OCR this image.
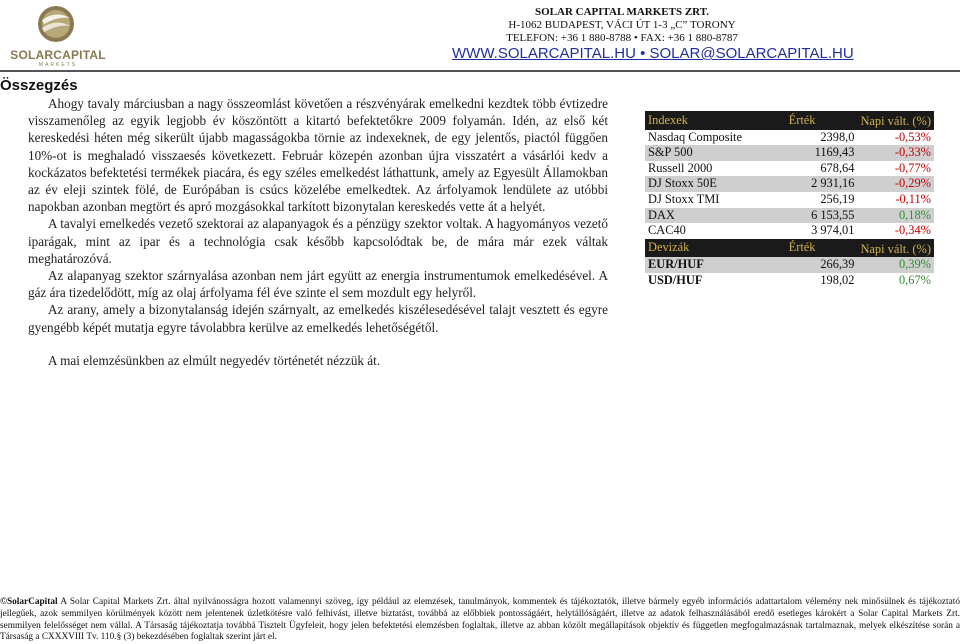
SOLARCAPITAL
MARKETS
SOLAR CAPITAL MARKETS ZRT.
H-1062 BUDAPEST, VÁCI ÚT 1-3 „C” TORONY
TELEFON: +36 1 880-8788 • FAX: +36 1 880-8787
WWW.SOLARCAPITAL.HU • SOLAR@SOLARCAPITAL.HU
Összegzés

Ahogy tavaly márciusban a nagy összeomlást követően a részvényárak emelkedni kezdtek több évtizedre visszamenőleg az egyik legjobb év köszöntött a kitartó befektetőkre 2009 folyamán. Idén, az első két kereskedési héten még sikerült újabb magasságokba törnie az indexeknek, de egy jelentős, piactól függően 10%-ot is meghaladó visszaesés következett. Február közepén azonban újra visszatért a vásárlói kedv a kockázatos befektetési termékek piacára, és egy széles emelkedést láthattunk, amely az Egyesült Államokban az év eleji szintek fölé, de Európában is csúcs közelébe emelkedtek. Az árfolyamok lendülete az utóbbi napokban azonban megtört és apró mozgásokkal tarkított bizonytalan kereskedés vette át a helyét.

A tavalyi emelkedés vezető szektorai az alapanyagok és a pénzügy szektor voltak. A hagyományos vezető iparágak, mint az ipar és a technológia csak később kapcsolódtak be, de mára már ezek váltak meghatározóvá.

Az alapanyag szektor szárnyalása azonban nem járt együtt az energia instrumentumok emelkedésével. A gáz ára tizedelődött, míg az olaj árfolyama fél éve szinte el sem mozdult egy helyről.

Az arany, amely a bizonytalanság idején szárnyalt, az emelkedés kiszélesedésével talajt vesztett és egyre gyengébb képét mutatja egyre távolabbra kerülve az emelkedés lehetőségétől.

A mai elemzésünkben az elmúlt negyedév történetét nézzük át.

Indexek	Érték	Napi vált. (%)
Nasdaq Composite	2398,0	-0,53%
S&P 500	1169,43	-0,33%
Russell 2000	678,64	-0,77%
DJ Stoxx 50E	2 931,16	-0,29%
DJ Stoxx TMI	256,19	-0,11%
DAX	6 153,55	0,18%
CAC40	3 974,01	-0,34%
Devizák	Érték	Napi vált. (%)
EUR/HUF	266,39	0,39%
USD/HUF	198,02	0,67%
©SolarCapital A Solar Capital Markets Zrt. által nyilvánosságra hozott valamennyi szöveg, így például az elemzések, tanulmányok, kommentek és tájékoztatók, illetve bármely egyéb információs adattartalom vélemény nek minősülnek és tájékoztató jellegűek, azok semmilyen körülmények között nem jelentenek üzletkötésre való felhívást, illetve biztatást, továbbá az előbbiek pontosságáért, helytállóságáért, illetve az adatok felhasználásából eredő esetleges károkért a Solar Capital Markets Zrt. semmilyen felelősséget nem vállal. A Társaság tájékoztatja továbbá Tisztelt Ügyfeleit, hogy jelen befektetési elemzésben foglaltak, illetve az abban közölt megállapítások objektív és független megfogalmazásnak tartalmaznak, melyek elkészítése során a Társaság a CXXXVIII Tv. 110.§ (3) bekezdésében foglaltak szerint járt el.
